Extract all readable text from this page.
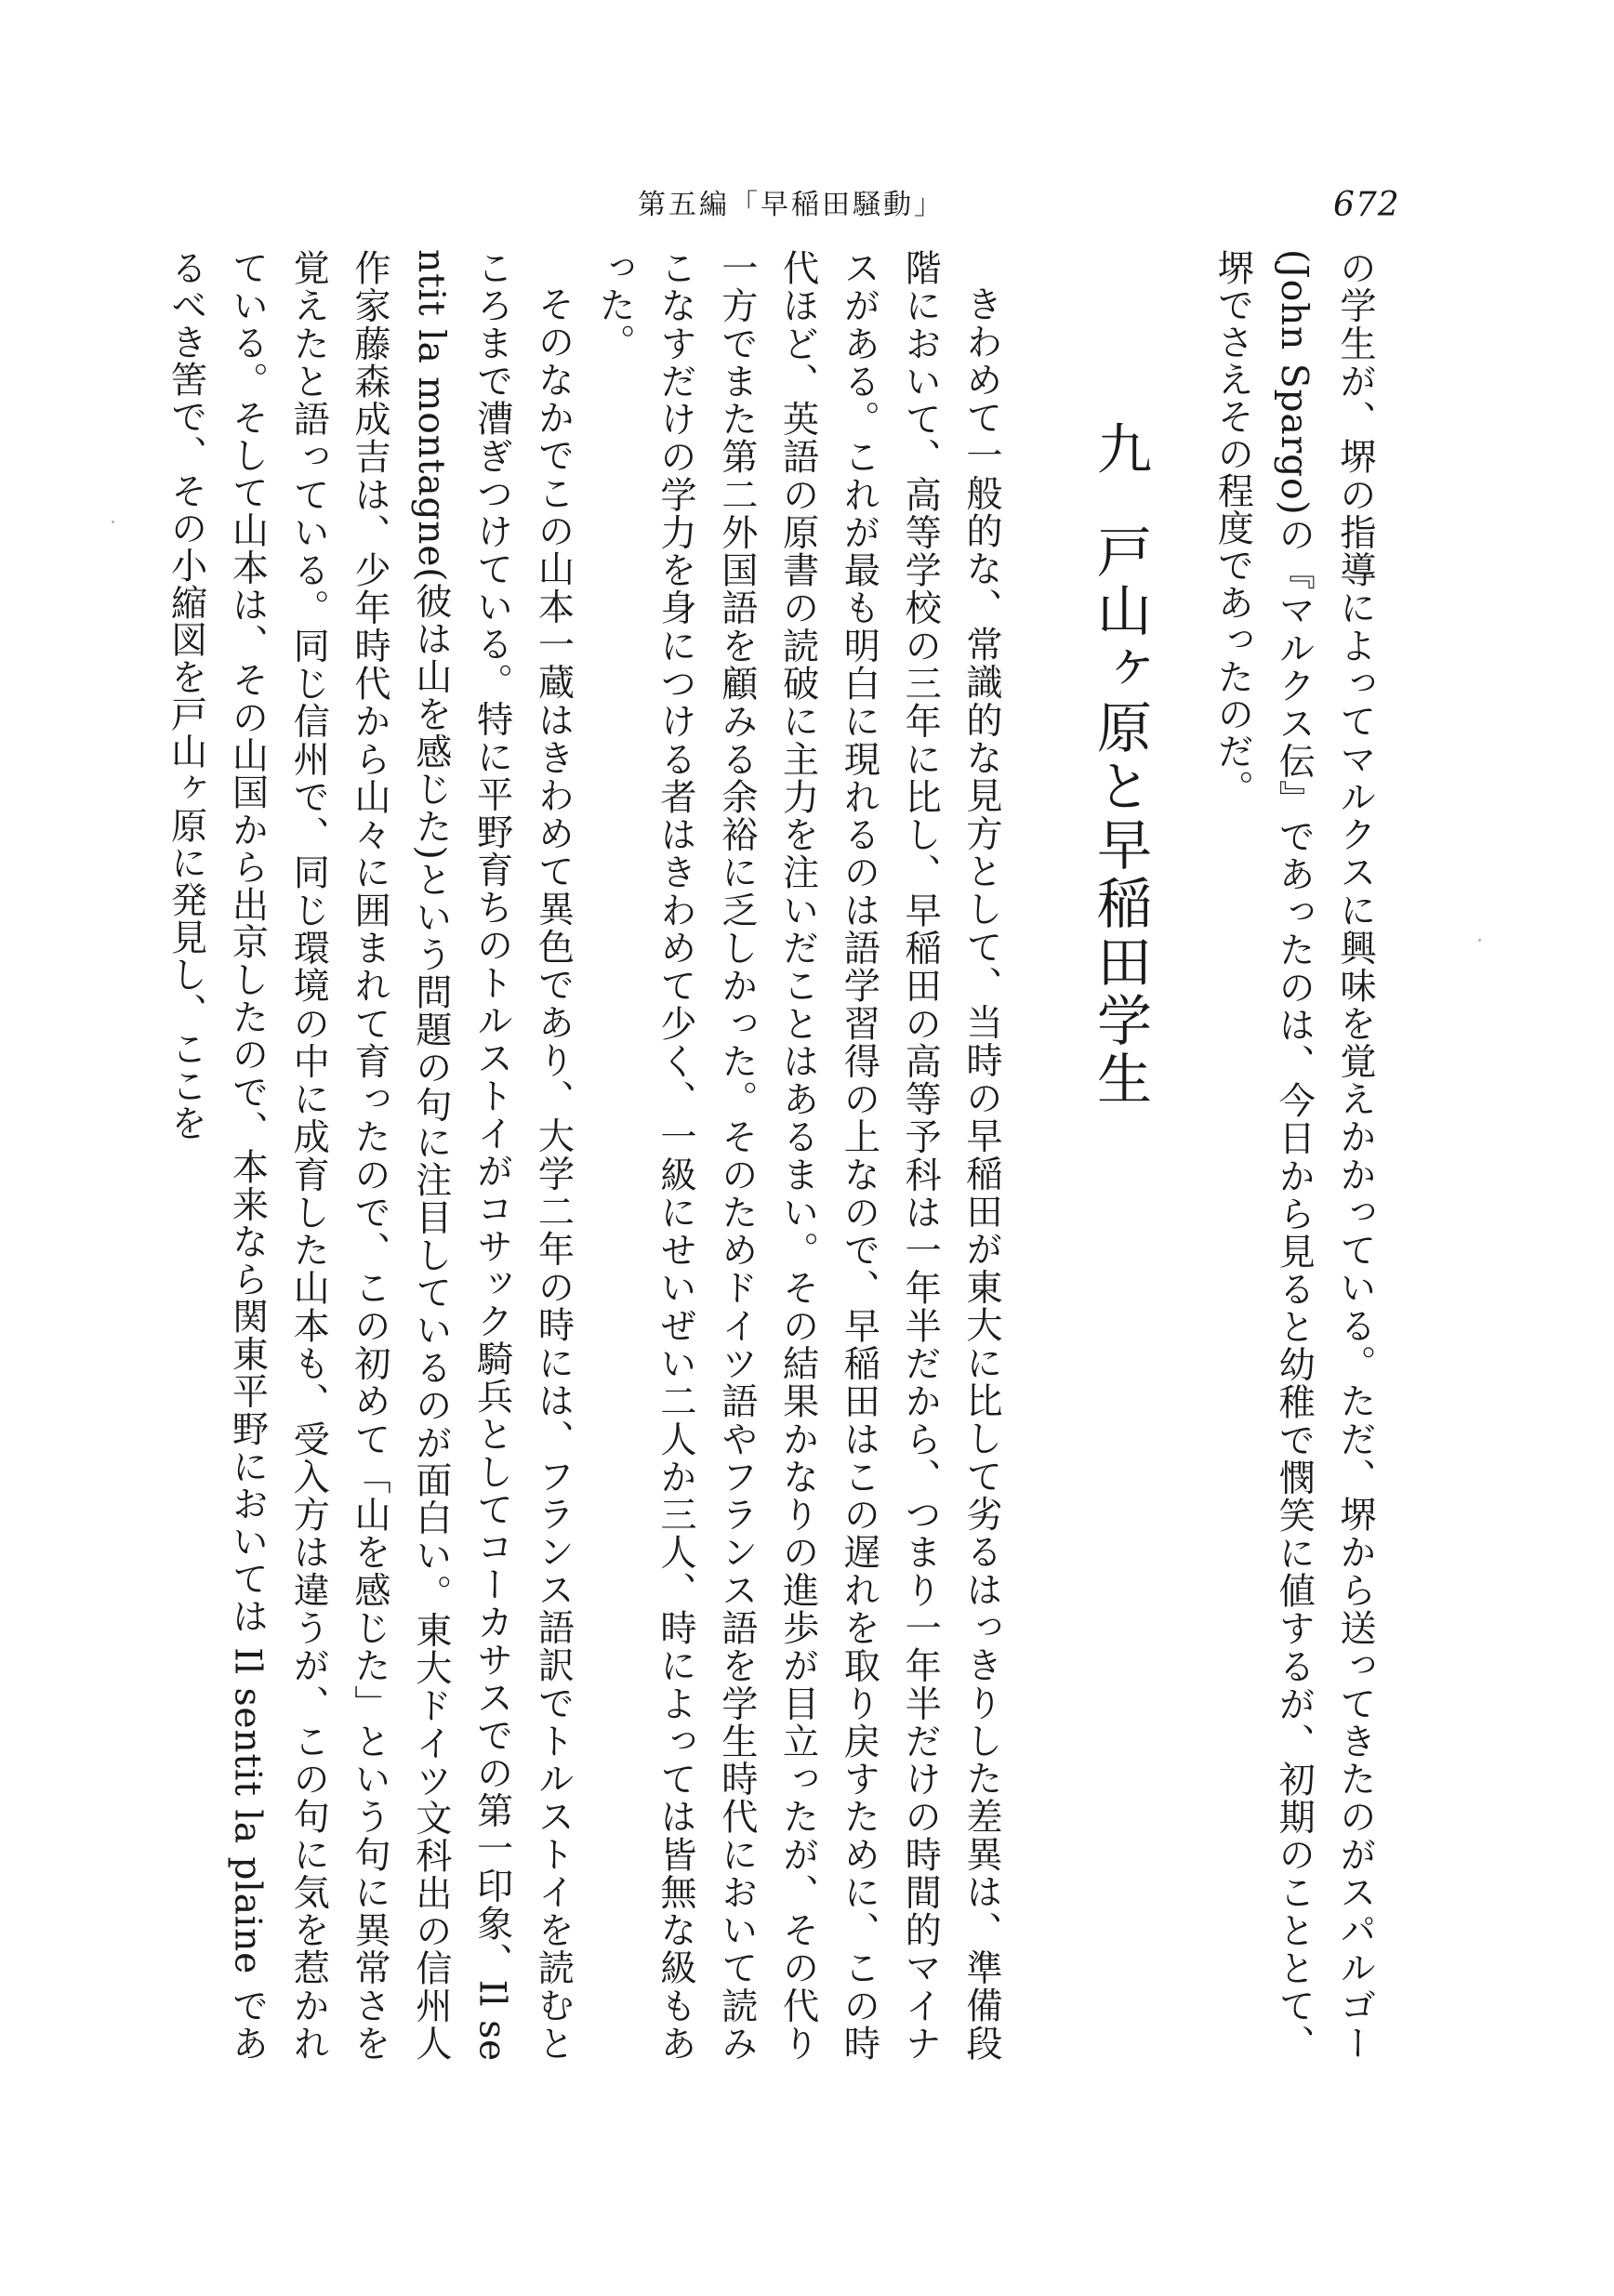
第五編「早稲田騒動」	672

の学生が、堺の指導によってマルクスに興味を覚えかかっている。ただ、堺から送ってきたのがスパルゴー(John Spargo)の『マルクス伝』であったのは、今日から見ると幼稚で憫笑に値するが、初期のこととて、堺でさえその程度であったのだ。

九戸山ヶ原と早稲田学生

きわめて一般的な、常識的な見方として、当時の早稲田が東大に比して劣るはっきりした差異は、準備段階において、高等学校の三年に比し、早稲田の高等予科は一年半だから、つまり一年半だけの時間的マイナスがある。これが最も明白に現れるのは語学習得の上なので、早稲田はこの遅れを取り戻すために、この時代ほど、英語の原書の読破に主力を注いだことはあるまい。その結果かなりの進歩が目立ったが、その代り一方でまた第二外国語を顧みる余裕に乏しかった。そのためドイツ語やフランス語を学生時代において読みこなすだけの学力を身につける者はきわめて少く、一級にせいぜい二人か三人、時によっては皆無な級もあった。

そのなかでこの山本一蔵はきわめて異色であり、大学二年の時には、フランス語訳でトルストイを読むところまで漕ぎつけている。特に平野育ちのトルストイがコサック騎兵としてコーカサスでの第一印象、Il sentit la montagne(彼は山を感じた)という問題の句に注目しているのが面白い。東大ドイツ文科出の信州人作家藤森成吉は、少年時代から山々に囲まれて育ったので、この初めて「山を感じた」という句に異常さを覚えたと語っている。同じ信州で、同じ環境の中に成育した山本も、受入方は違うが、この句に気を惹かれている。そして山本は、その山国から出京したので、本来なら関東平野においては Il sentit la plaine であるべき筈で、その小縮図を戸山ヶ原に発見し、ここを
